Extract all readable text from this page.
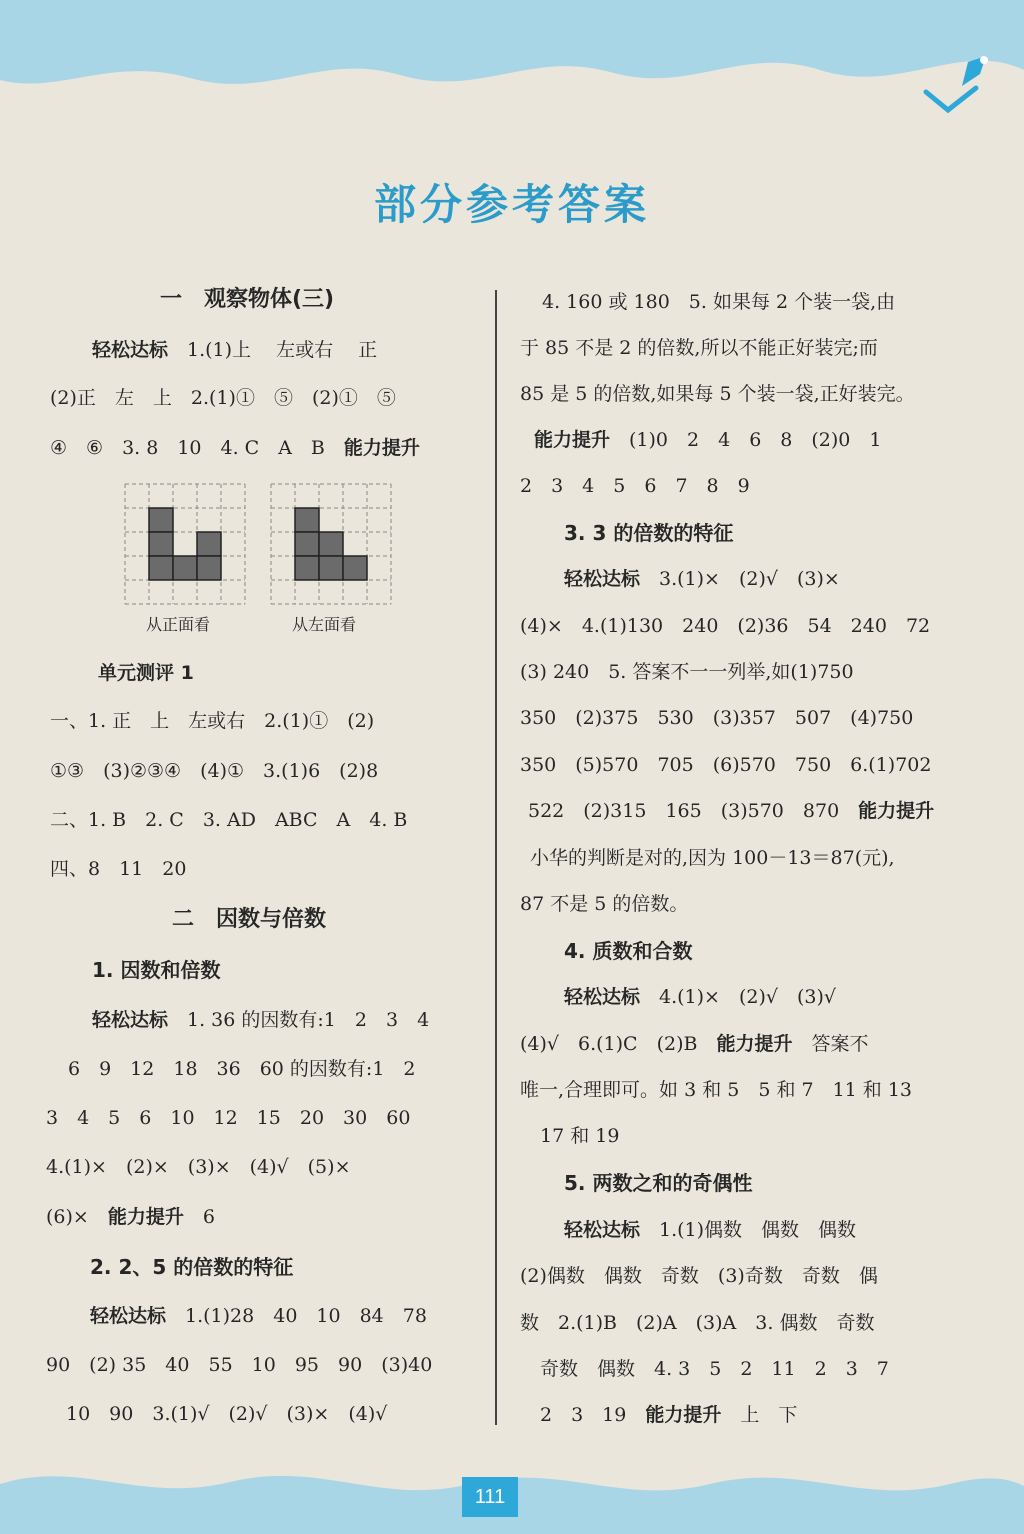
部分参考答案
一　观察物体(三)
轻松达标　1.(1)上　 左或右　 正
(2)正　左　上　2.(1)①　⑤　(2)①　⑤
④　⑥　3. 8　10　4. C　A　B　 能力提升
单元测评 1
一、1. 正　上　左或右　2.(1)①　(2)
①③　(3)②③④　(4)①　3.(1)6　(2)8
二、1. B　2. C　3. AD　ABC　A　4. B
四、8　11　20
二　因数与倍数
1. 因数和倍数
轻松达标　1. 36 的因数有:1　2　3　4
6　9　12　18　36　60 的因数有:1　2
3　4　5　6　10　12　15　20　30　60
4.(1)×　(2)×　(3)×　(4)√　(5)×
(6)×　 能力提升　6
2. 2、5 的倍数的特征
轻松达标　1.(1)28　40　10　84　78
90　(2) 35　40　55　10　95　90　(3)40
10　90　3.(1)√　(2)√　(3)×　(4)√
4. 160 或 180　5. 如果每 2 个装一袋,由
于 85 不是 2 的倍数,所以不能正好装完;而
85 是 5 的倍数,如果每 5 个装一袋,正好装完。
能力提升　(1)0　2　4　6　8　(2)0　1
2　3　4　5　6　7　8　9
3. 3 的倍数的特征
轻松达标　3.(1)×　(2)√　(3)×
(4)×　4.(1)130　240　(2)36　54　240　72
(3) 240　5. 答案不一一列举,如(1)750
350　(2)375　530　(3)357　507　(4)750
350　(5)570　705　(6)570　750　6.(1)702
522　(2)315　165　(3)570　870　 能力提升
小华的判断是对的,因为 100－13＝87(元),
87 不是 5 的倍数。
4. 质数和合数
轻松达标　4.(1)×　(2)√　(3)√
(4)√　6.(1)C　(2)B　 能力提升　答案不
唯一,合理即可。如 3 和 5　5 和 7　11 和 13
17 和 19
5. 两数之和的奇偶性
轻松达标　1.(1)偶数　偶数　偶数
(2)偶数　偶数　奇数　(3)奇数　奇数　偶
数　2.(1)B　(2)A　(3)A　3. 偶数　奇数
奇数　偶数　4. 3　5　2　11　2　3　7
2　3　19　 能力提升　上　下
从正面看	从左面看
111
